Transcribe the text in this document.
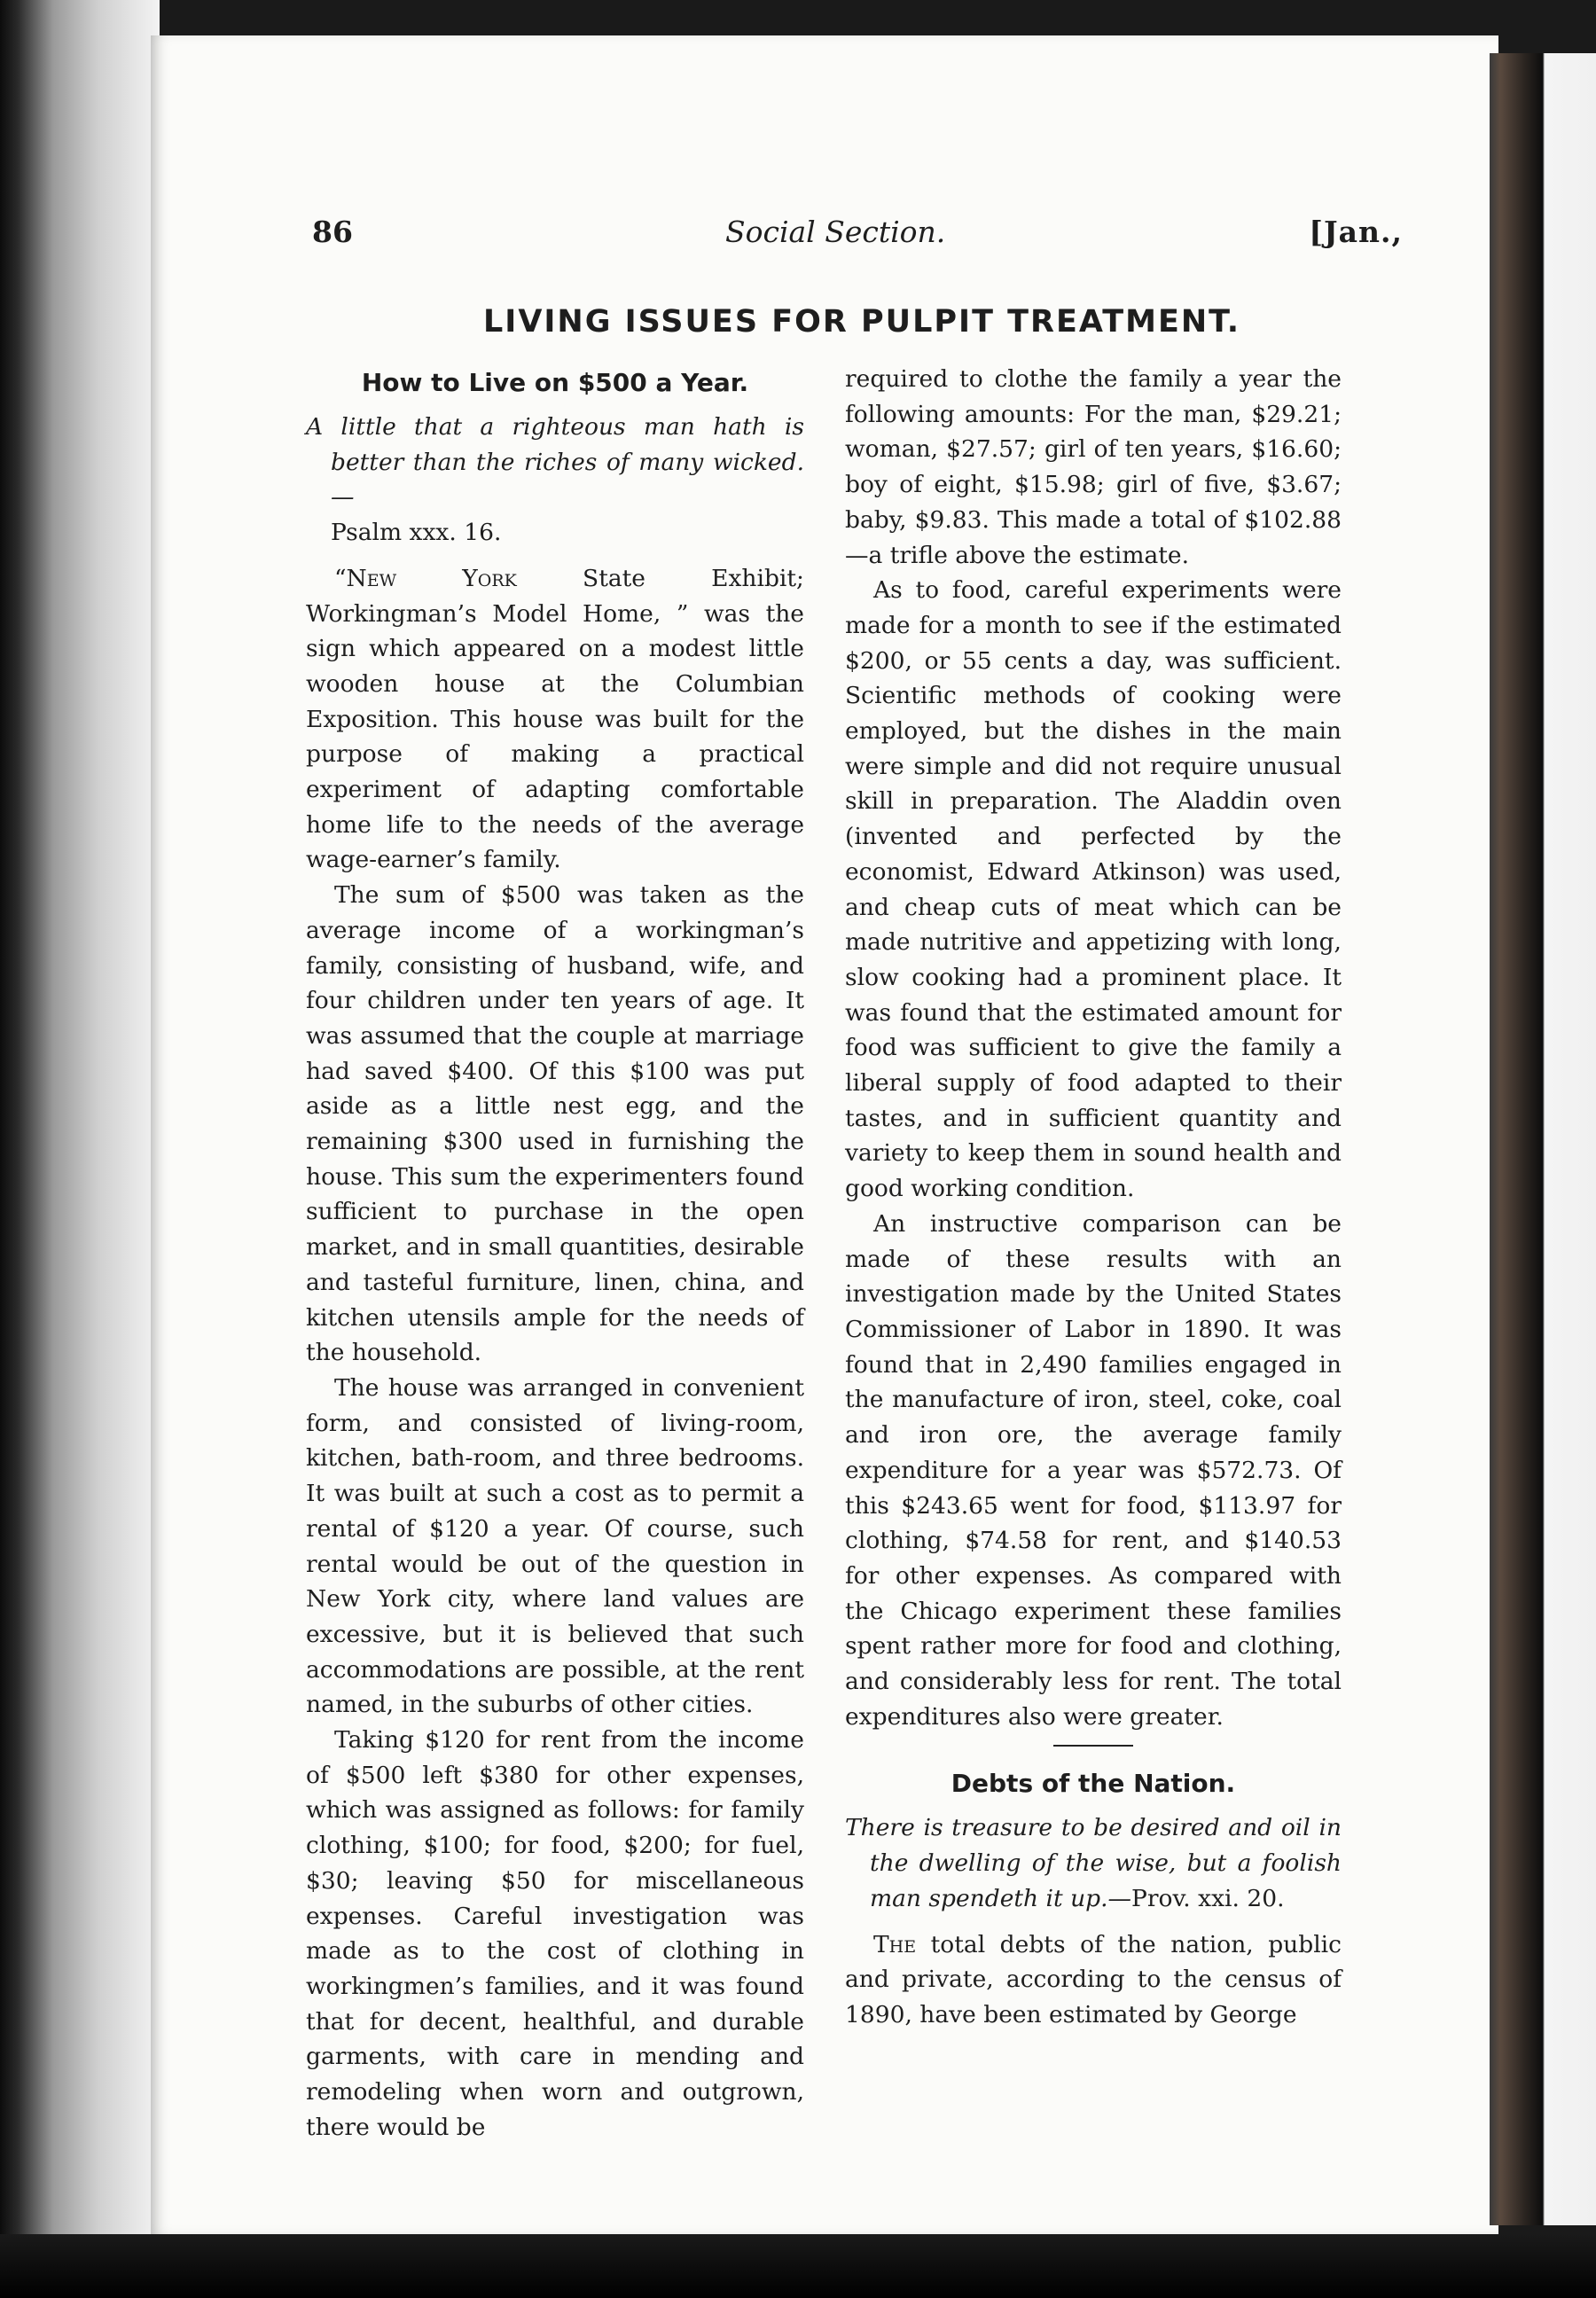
86	Social Section.	[Jan.,
LIVING ISSUES FOR PULPIT TREATMENT.
How to Live on $500 a Year.
A little that a righteous man hath is better than the riches of many wicked.—
Psalm xxx. 16.

“New York State Exhibit; Workingman’s Model Home, ” was the sign which appeared on a modest little wooden house at the Columbian Exposition. This house was built for the purpose of making a practical experiment of adapting comfortable home life to the needs of the average wage-earner’s family.

The sum of $500 was taken as the average income of a workingman’s family, consisting of husband, wife, and four children under ten years of age. It was assumed that the couple at marriage had saved $400. Of this $100 was put aside as a little nest egg, and the remaining $300 used in furnishing the house. This sum the experimenters found sufficient to purchase in the open market, and in small quantities, desirable and tasteful furniture, linen, china, and kitchen utensils ample for the needs of the household.

The house was arranged in convenient form, and consisted of living-room, kitchen, bath-room, and three bedrooms. It was built at such a cost as to permit a rental of $120 a year. Of course, such rental would be out of the question in New York city, where land values are excessive, but it is believed that such accommodations are possible, at the rent named, in the suburbs of other cities.

Taking $120 for rent from the income of $500 left $380 for other expenses, which was assigned as follows: for family clothing, $100; for food, $200; for fuel, $30; leaving $50 for miscellaneous expenses. Careful investigation was made as to the cost of clothing in workingmen’s families, and it was found that for decent, healthful, and durable garments, with care in mending and remodeling when worn and outgrown, there would be

required to clothe the family a year the following amounts: For the man, $29.21; woman, $27.57; girl of ten years, $16.60; boy of eight, $15.98; girl of five, $3.67; baby, $9.83. This made a total of $102.88—a trifle above the estimate.

As to food, careful experiments were made for a month to see if the estimated $200, or 55 cents a day, was sufficient. Scientific methods of cooking were employed, but the dishes in the main were simple and did not require unusual skill in preparation. The Aladdin oven (invented and perfected by the economist, Edward Atkinson) was used, and cheap cuts of meat which can be made nutritive and appetizing with long, slow cooking had a prominent place. It was found that the estimated amount for food was sufficient to give the family a liberal supply of food adapted to their tastes, and in sufficient quantity and variety to keep them in sound health and good working condition.

An instructive comparison can be made of these results with an investigation made by the United States Commissioner of Labor in 1890. It was found that in 2,490 families engaged in the manufacture of iron, steel, coke, coal and iron ore, the average family expenditure for a year was $572.73. Of this $243.65 went for food, $113.97 for clothing, $74.58 for rent, and $140.53 for other expenses. As compared with the Chicago experiment these families spent rather more for food and clothing, and considerably less for rent. The total expenditures also were greater.

Debts of the Nation.
There is treasure to be desired and oil in the dwelling of the wise, but a foolish man spendeth it up.—Prov. xxi. 20.

The total debts of the nation, public and private, according to the census of 1890, have been estimated by George
